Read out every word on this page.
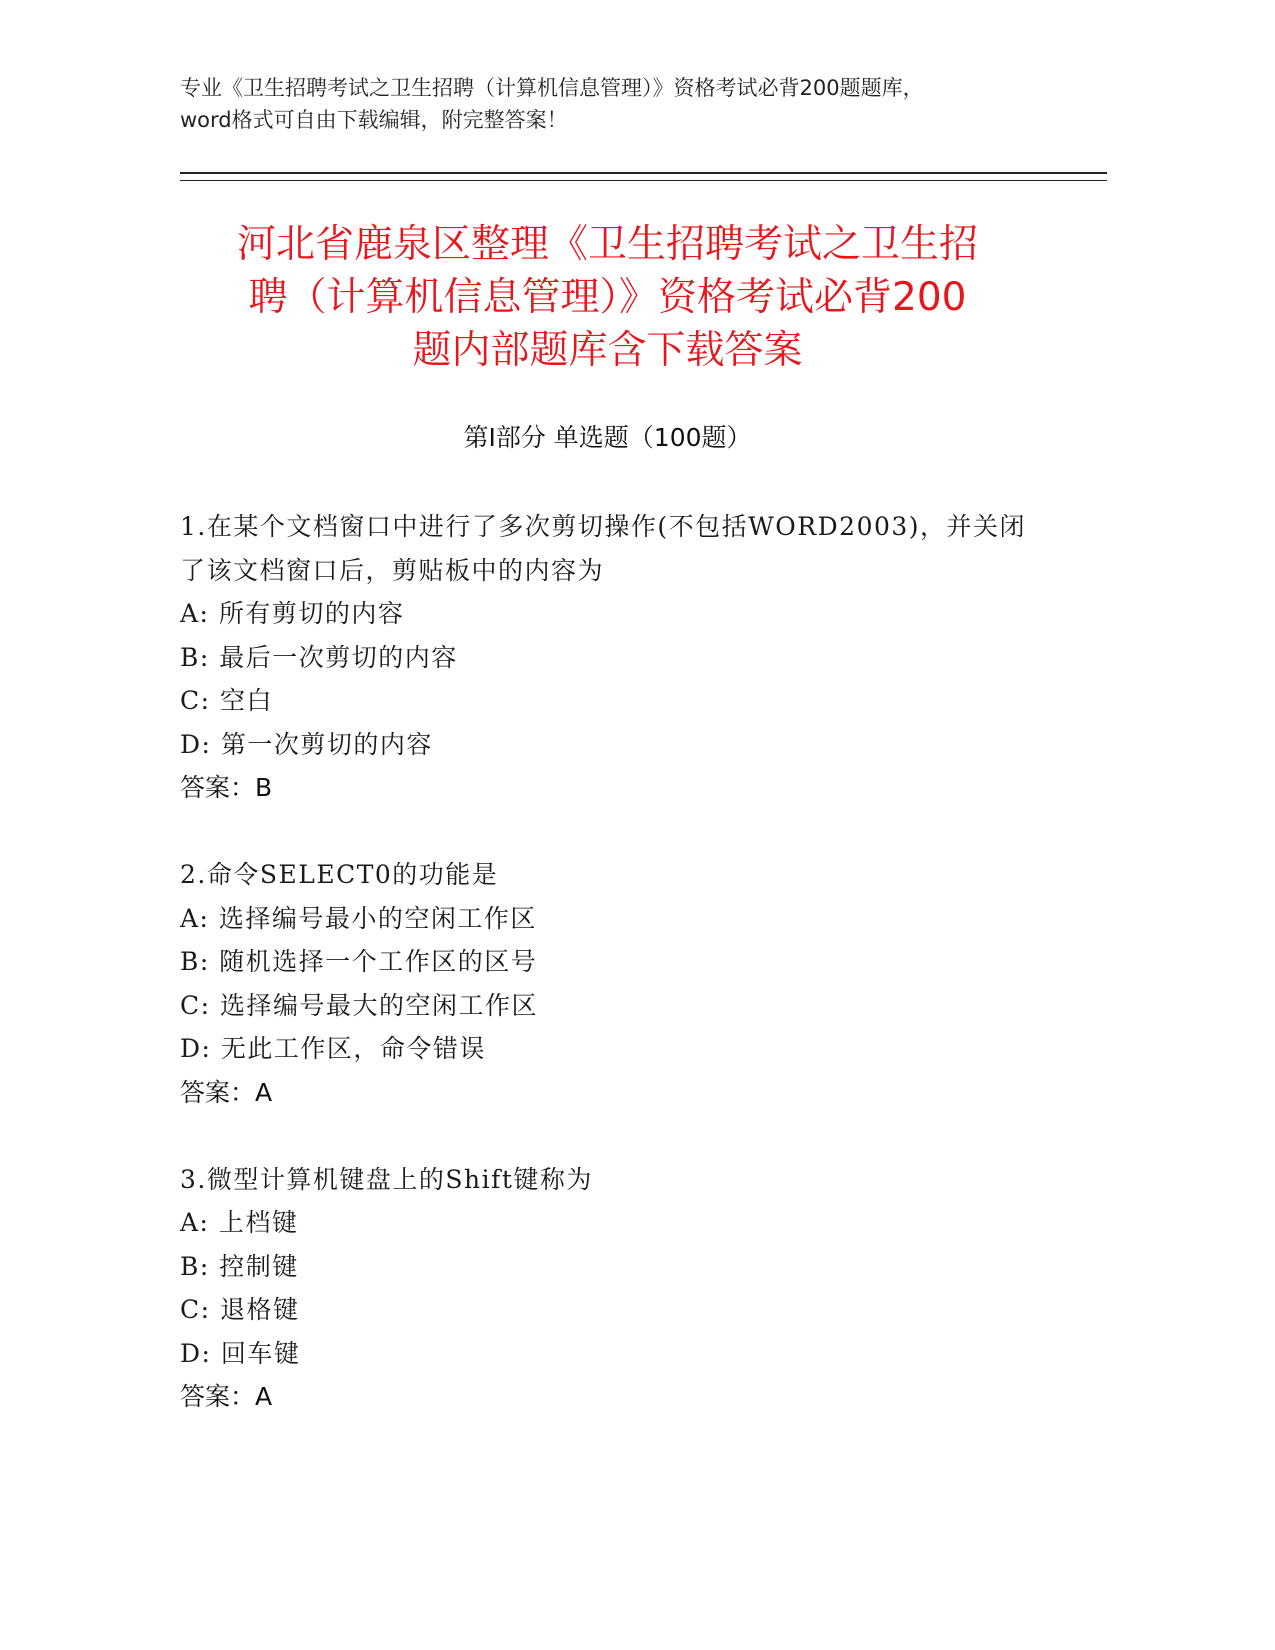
专业《卫生招聘考试之卫生招聘（计算机信息管理）》资格考试必背200题题库，
word格式可自由下载编辑，附完整答案！
河北省鹿泉区整理《卫生招聘考试之卫生招
聘（计算机信息管理）》资格考试必背200
题内部题库含下载答案
第Ⅰ部分 单选题（100题）
1.在某个文档窗口中进行了多次剪切操作(不包括WORD2003)，并关闭
了该文档窗口后，剪贴板中的内容为
A: 所有剪切的内容
B: 最后一次剪切的内容
C: 空白
D: 第一次剪切的内容
答案：B
2.命令SELECT0的功能是
A: 选择编号最小的空闲工作区
B: 随机选择一个工作区的区号
C: 选择编号最大的空闲工作区
D: 无此工作区，命令错误
答案：A
3.微型计算机键盘上的Shift键称为
A: 上档键
B: 控制键
C: 退格键
D: 回车键
答案：A
